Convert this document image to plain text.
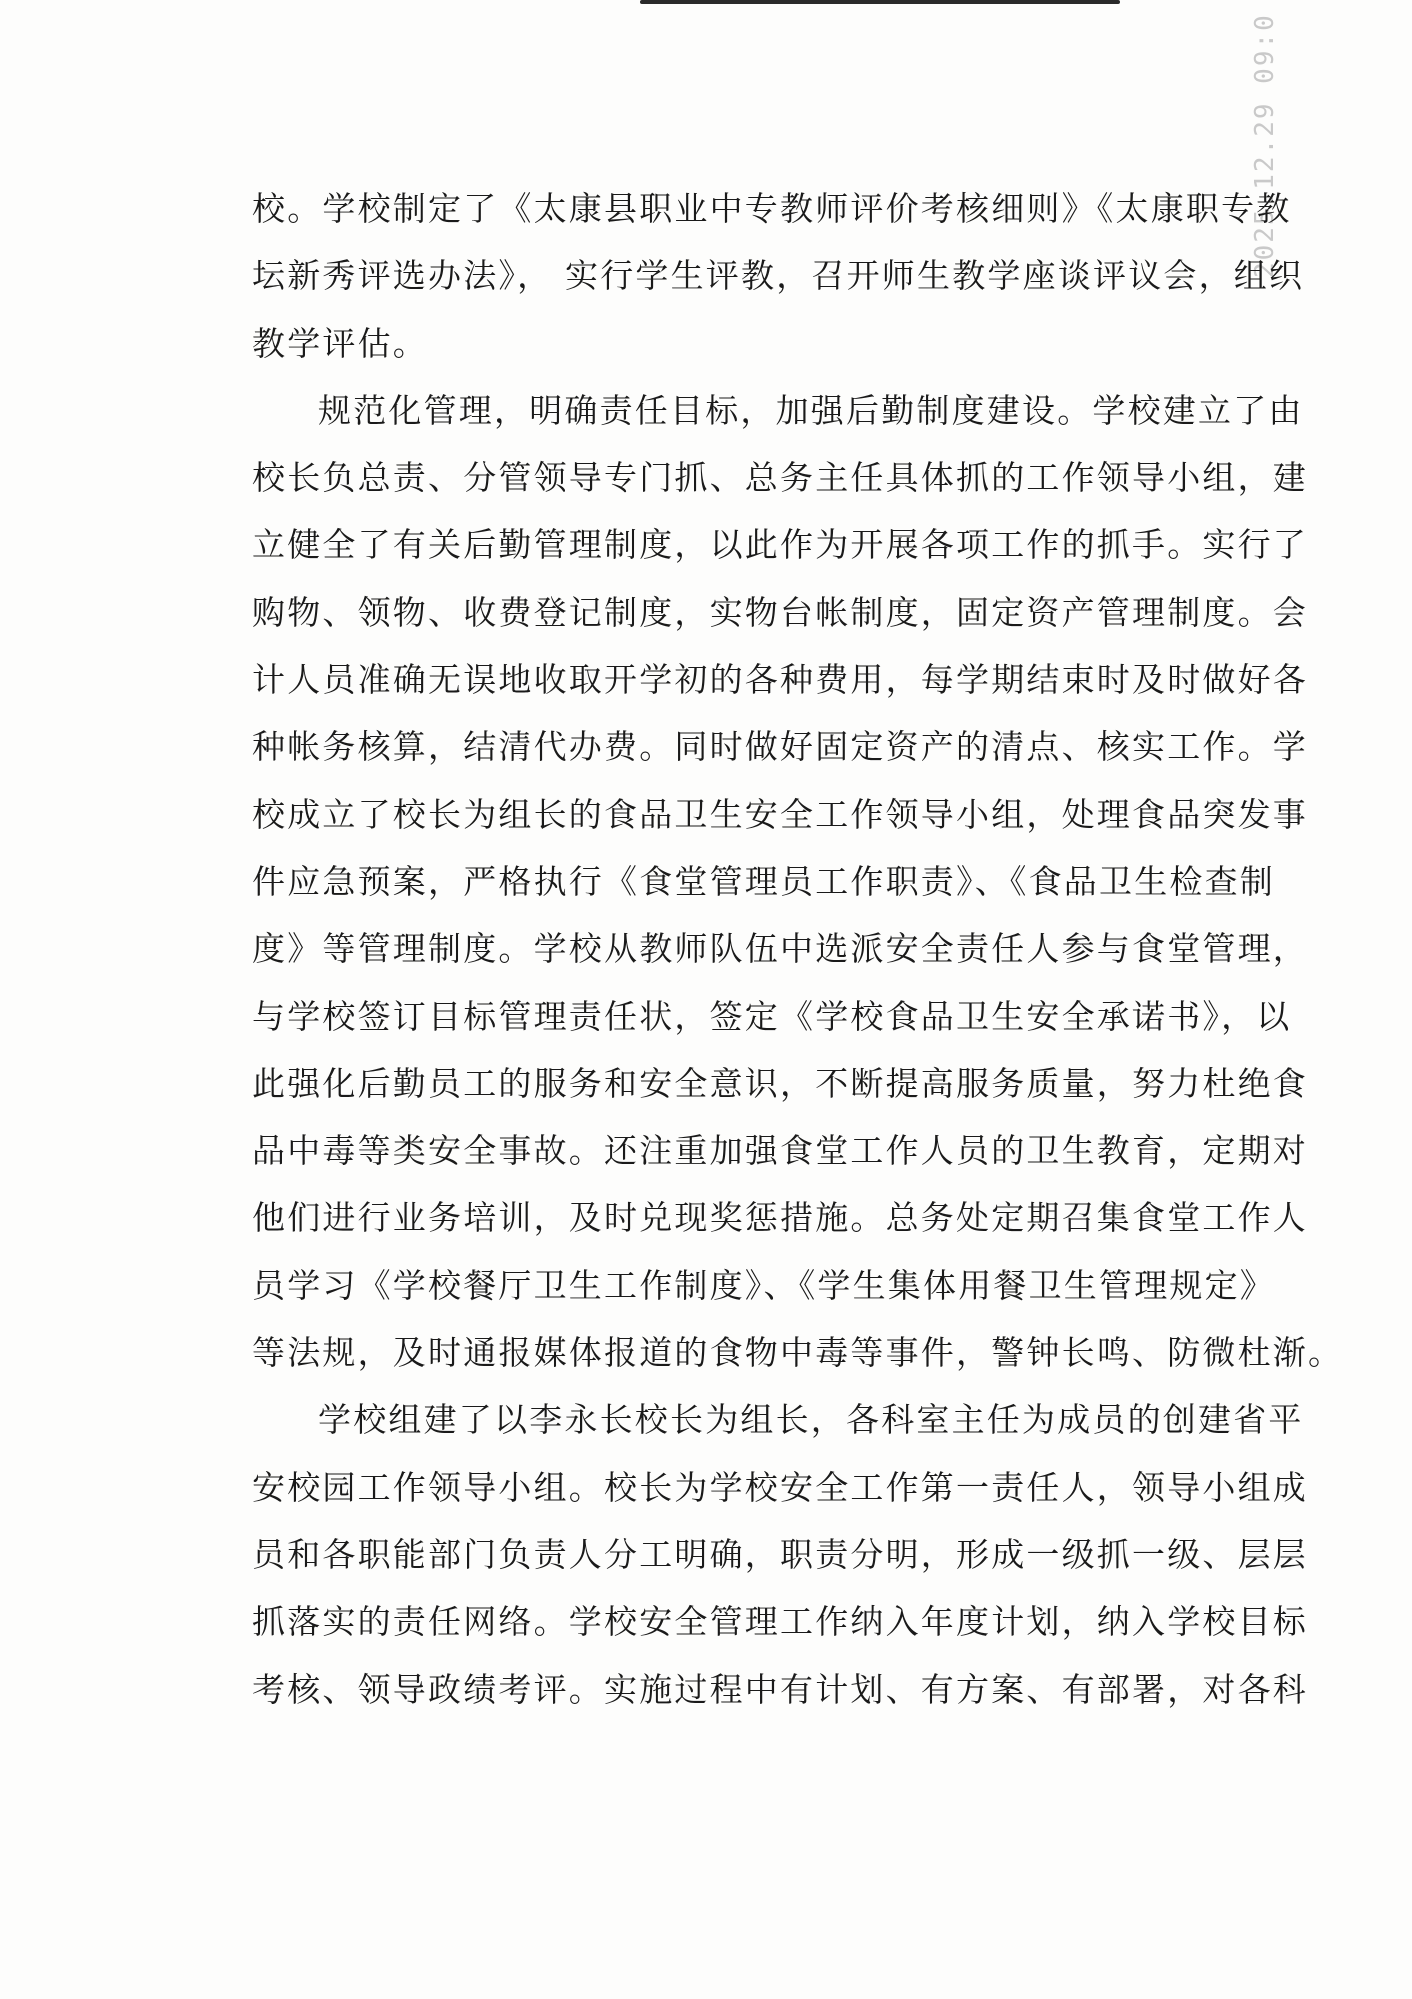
2025.12.29 09:0
校。学校制定了《太康县职业中专教师评价考核细则》《太康职专教
坛新秀评选办法》， 实行学生评教，召开师生教学座谈评议会，组织
教学评估。
规范化管理，明确责任目标，加强后勤制度建设。学校建立了由
校长负总责、分管领导专门抓、总务主任具体抓的工作领导小组，建
立健全了有关后勤管理制度，以此作为开展各项工作的抓手。实行了
购物、领物、收费登记制度，实物台帐制度，固定资产管理制度。会
计人员准确无误地收取开学初的各种费用，每学期结束时及时做好各
种帐务核算，结清代办费。同时做好固定资产的清点、核实工作。学
校成立了校长为组长的食品卫生安全工作领导小组，处理食品突发事
件应急预案，严格执行《食堂管理员工作职责》、《食品卫生检查制
度》等管理制度。学校从教师队伍中选派安全责任人参与食堂管理，
与学校签订目标管理责任状，签定《学校食品卫生安全承诺书》，以
此强化后勤员工的服务和安全意识，不断提高服务质量，努力杜绝食
品中毒等类安全事故。还注重加强食堂工作人员的卫生教育，定期对
他们进行业务培训，及时兑现奖惩措施。总务处定期召集食堂工作人
员学习《学校餐厅卫生工作制度》、《学生集体用餐卫生管理规定》
等法规，及时通报媒体报道的食物中毒等事件，警钟长鸣、防微杜渐。
学校组建了以李永长校长为组长，各科室主任为成员的创建省平
安校园工作领导小组。校长为学校安全工作第一责任人，领导小组成
员和各职能部门负责人分工明确，职责分明，形成一级抓一级、层层
抓落实的责任网络。学校安全管理工作纳入年度计划，纳入学校目标
考核、领导政绩考评。实施过程中有计划、有方案、有部署，对各科
